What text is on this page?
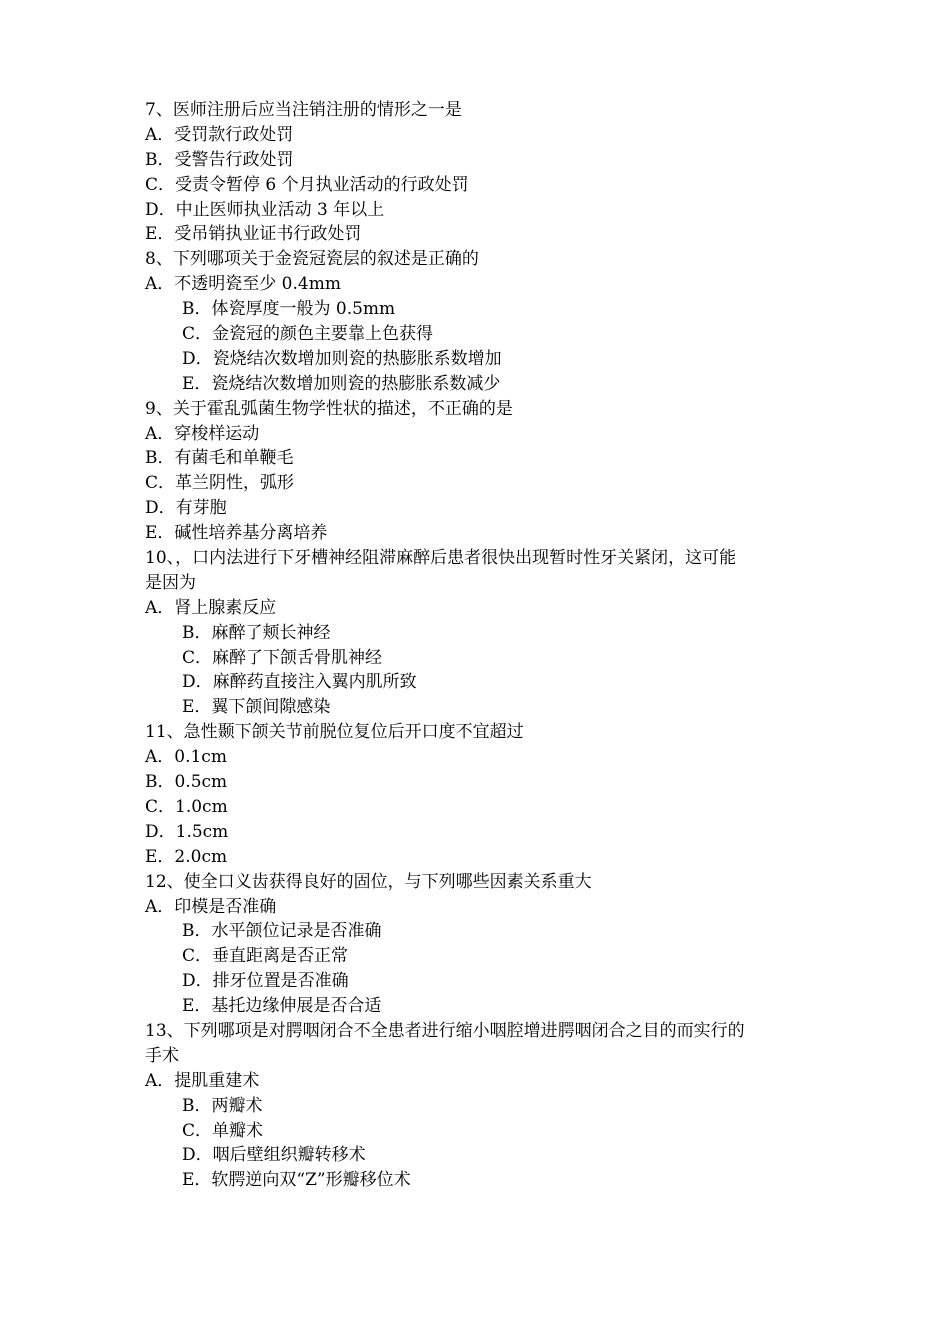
7、医师注册后应当注销注册的情形之一是
A．受罚款行政处罚
B．受警告行政处罚
C．受责令暂停 6 个月执业活动的行政处罚
D．中止医师执业活动 3 年以上
E．受吊销执业证书行政处罚
8、下列哪项关于金瓷冠瓷层的叙述是正确的
A．不透明瓷至少 0.4mm
B．体瓷厚度一般为 0.5mm
C．金瓷冠的颜色主要靠上色获得
D．瓷烧结次数增加则瓷的热膨胀系数增加
E．瓷烧结次数增加则瓷的热膨胀系数减少
9、关于霍乱弧菌生物学性状的描述，不正确的是
A．穿梭样运动
B．有菌毛和单鞭毛
C．革兰阴性，弧形
D．有芽胞
E．碱性培养基分离培养
10、，口内法进行下牙槽神经阻滞麻醉后患者很快出现暂时性牙关紧闭，这可能
是因为
A．肾上腺素反应
B．麻醉了颊长神经
C．麻醉了下颌舌骨肌神经
D．麻醉药直接注入翼内肌所致
E．翼下颌间隙感染
11、急性颞下颌关节前脱位复位后开口度不宜超过
A．0.1cm
B．0.5cm
C．1.0cm
D．1.5cm
E．2.0cm
12、使全口义齿获得良好的固位，与下列哪些因素关系重大
A．印模是否准确
B．水平颌位记录是否准确
C．垂直距离是否正常
D．排牙位置是否准确
E．基托边缘伸展是否合适
13、下列哪项是对腭咽闭合不全患者进行缩小咽腔增进腭咽闭合之目的而实行的
手术
A．提肌重建术
B．两瓣术
C．单瓣术
D．咽后壁组织瓣转移术
E．软腭逆向双“Z”形瓣移位术
